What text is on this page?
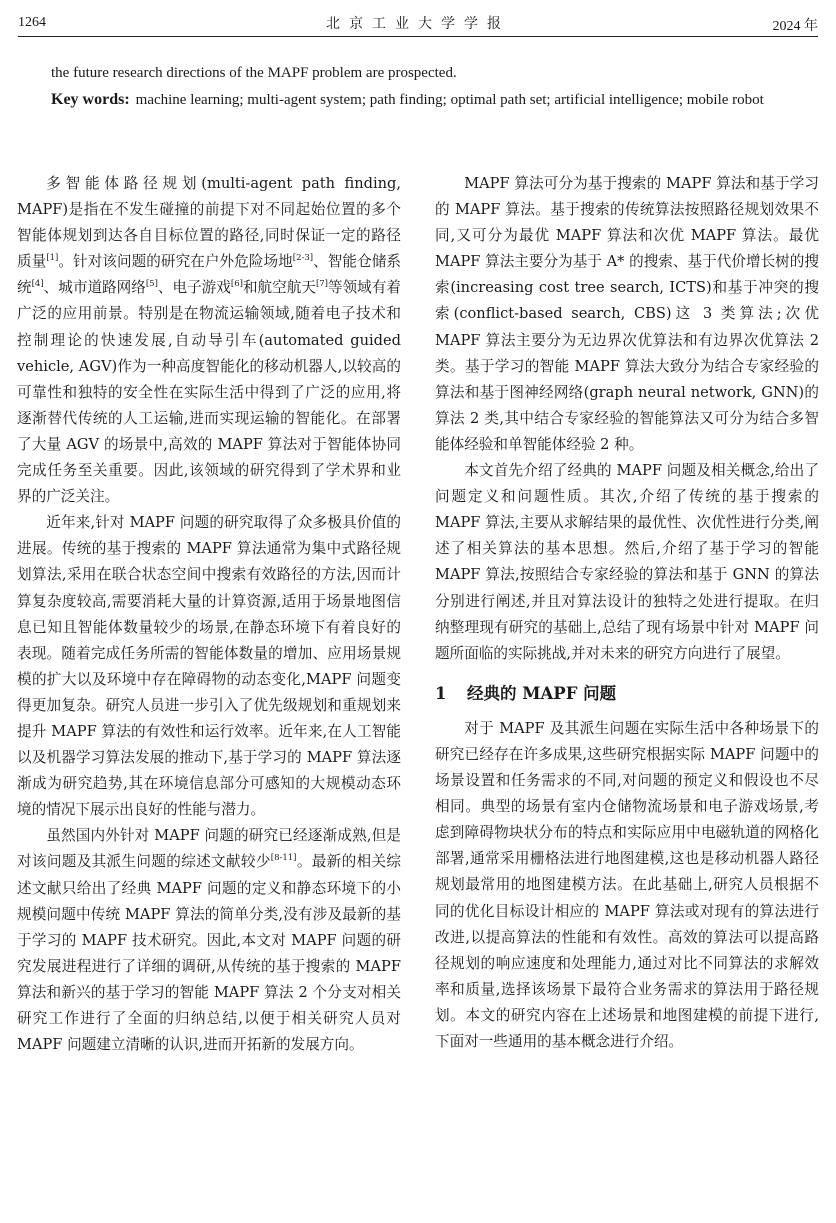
1264	北京工业大学学报	2024 年

the future research directions of the MAPF problem are prospected.

Key words: machine learning; multi-agent system; path finding; optimal path set; artificial intelligence; mobile robot

多智能体路径规划(multi-agent path finding, MAPF)是指在不发生碰撞的前提下对不同起始位置的多个智能体规划到达各自目标位置的路径,同时保证一定的路径质量[1]。针对该问题的研究在户外危险场地[2-3]、智能仓储系统[4]、城市道路网络[5]、电子游戏[6]和航空航天[7]等领域有着广泛的应用前景。特别是在物流运输领域,随着电子技术和控制理论的快速发展,自动导引车(automated guided vehicle, AGV)作为一种高度智能化的移动机器人,以较高的可靠性和独特的安全性在实际生活中得到了广泛的应用,将逐渐替代传统的人工运输,进而实现运输的智能化。在部署了大量 AGV 的场景中,高效的 MAPF 算法对于智能体协同完成任务至关重要。因此,该领域的研究得到了学术界和业界的广泛关注。

近年来,针对 MAPF 问题的研究取得了众多极具价值的进展。传统的基于搜索的 MAPF 算法通常为集中式路径规划算法,采用在联合状态空间中搜索有效路径的方法,因而计算复杂度较高,需要消耗大量的计算资源,适用于场景地图信息已知且智能体数量较少的场景,在静态环境下有着良好的表现。随着完成任务所需的智能体数量的增加、应用场景规模的扩大以及环境中存在障碍物的动态变化,MAPF 问题变得更加复杂。研究人员进一步引入了优先级规划和重规划来提升 MAPF 算法的有效性和运行效率。近年来,在人工智能以及机器学习算法发展的推动下,基于学习的 MAPF 算法逐渐成为研究趋势,其在环境信息部分可感知的大规模动态环境的情况下展示出良好的性能与潜力。

虽然国内外针对 MAPF 问题的研究已经逐渐成熟,但是对该问题及其派生问题的综述文献较少[8-11]。最新的相关综述文献只给出了经典 MAPF 问题的定义和静态环境下的小规模问题中传统 MAPF 算法的简单分类,没有涉及最新的基于学习的 MAPF 技术研究。因此,本文对 MAPF 问题的研究发展进程进行了详细的调研,从传统的基于搜索的 MAPF 算法和新兴的基于学习的智能 MAPF 算法 2 个分支对相关研究工作进行了全面的归纳总结,以便于相关研究人员对 MAPF 问题建立清晰的认识,进而开拓新的发展方向。

MAPF 算法可分为基于搜索的 MAPF 算法和基于学习的 MAPF 算法。基于搜索的传统算法按照路径规划效果不同,又可分为最优 MAPF 算法和次优 MAPF 算法。最优 MAPF 算法主要分为基于 A* 的搜索、基于代价增长树的搜索(increasing cost tree search, ICTS)和基于冲突的搜索(conflict-based search, CBS)这 3 类算法;次优 MAPF 算法主要分为无边界次优算法和有边界次优算法 2 类。基于学习的智能 MAPF 算法大致分为结合专家经验的算法和基于图神经网络(graph neural network, GNN)的算法 2 类,其中结合专家经验的智能算法又可分为结合多智能体经验和单智能体经验 2 种。

本文首先介绍了经典的 MAPF 问题及相关概念,给出了问题定义和问题性质。其次,介绍了传统的基于搜索的 MAPF 算法,主要从求解结果的最优性、次优性进行分类,阐述了相关算法的基本思想。然后,介绍了基于学习的智能 MAPF 算法,按照结合专家经验的算法和基于 GNN 的算法分别进行阐述,并且对算法设计的独特之处进行提取。在归纳整理现有研究的基础上,总结了现有场景中针对 MAPF 问题所面临的实际挑战,并对未来的研究方向进行了展望。

1 经典的 MAPF 问题

对于 MAPF 及其派生问题在实际生活中各种场景下的研究已经存在许多成果,这些研究根据实际 MAPF 问题中的场景设置和任务需求的不同,对问题的预定义和假设也不尽相同。典型的场景有室内仓储物流场景和电子游戏场景,考虑到障碍物块状分布的特点和实际应用中电磁轨道的网格化部署,通常采用栅格法进行地图建模,这也是移动机器人路径规划最常用的地图建模方法。在此基础上,研究人员根据不同的优化目标设计相应的 MAPF 算法或对现有的算法进行改进,以提高算法的性能和有效性。高效的算法可以提高路径规划的响应速度和处理能力,通过对比不同算法的求解效率和质量,选择该场景下最符合业务需求的算法用于路径规划。本文的研究内容在上述场景和地图建模的前提下进行,下面对一些通用的基本概念进行介绍。
